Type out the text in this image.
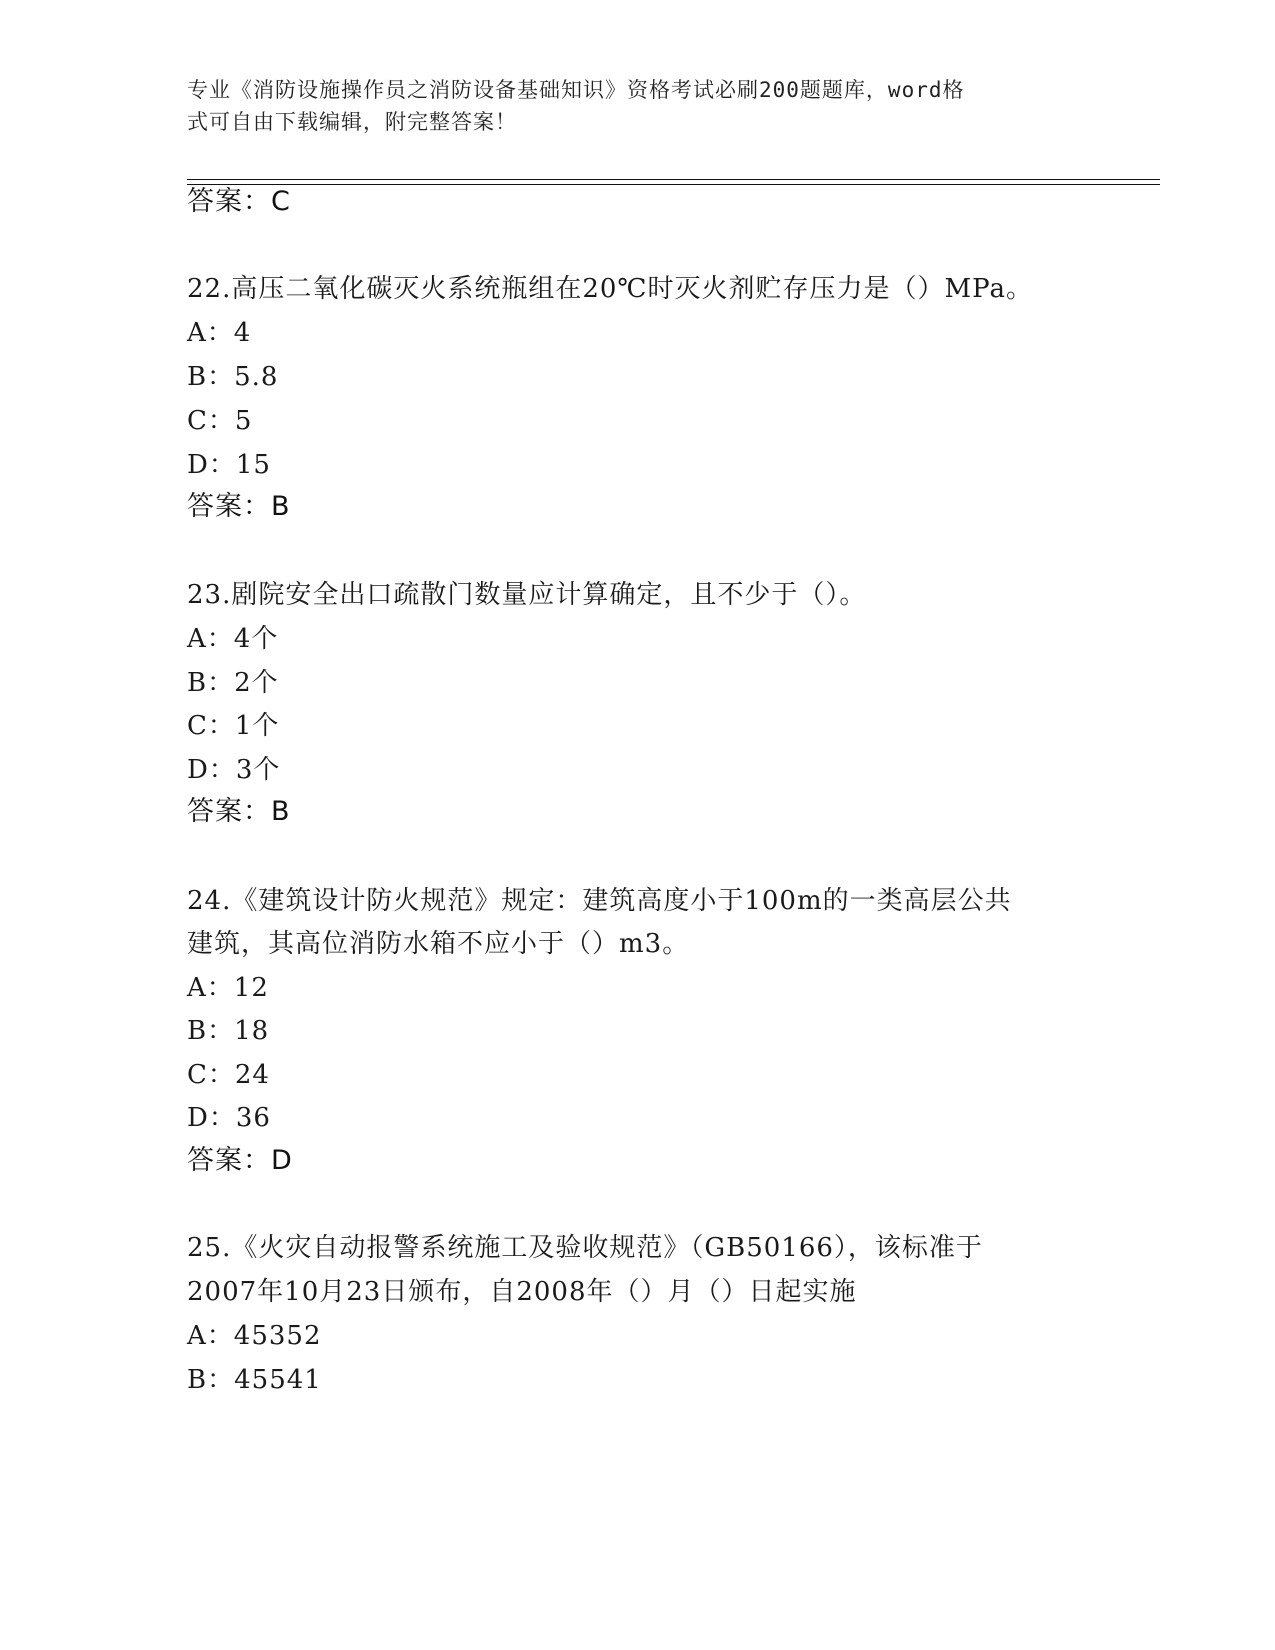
专业《消防设施操作员之消防设备基础知识》资格考试必刷200题题库，word格
式可自由下载编辑，附完整答案！
答案：C
22.高压二氧化碳灭火系统瓶组在20℃时灭火剂贮存压力是（）MPa。
A：4
B：5.8
C：5
D：15
答案：B
23.剧院安全出口疏散门数量应计算确定，且不少于（）。
A：4个
B：2个
C：1个
D：3个
答案：B
24.《建筑设计防火规范》规定：建筑高度小于100m的一类高层公共
建筑，其高位消防水箱不应小于（）m3。
A：12
B：18
C：24
D：36
答案：D
25.《火灾自动报警系统施工及验收规范》（GB50166），该标准于
2007年10月23日颁布，自2008年（）月（）日起实施
A：45352
B：45541
